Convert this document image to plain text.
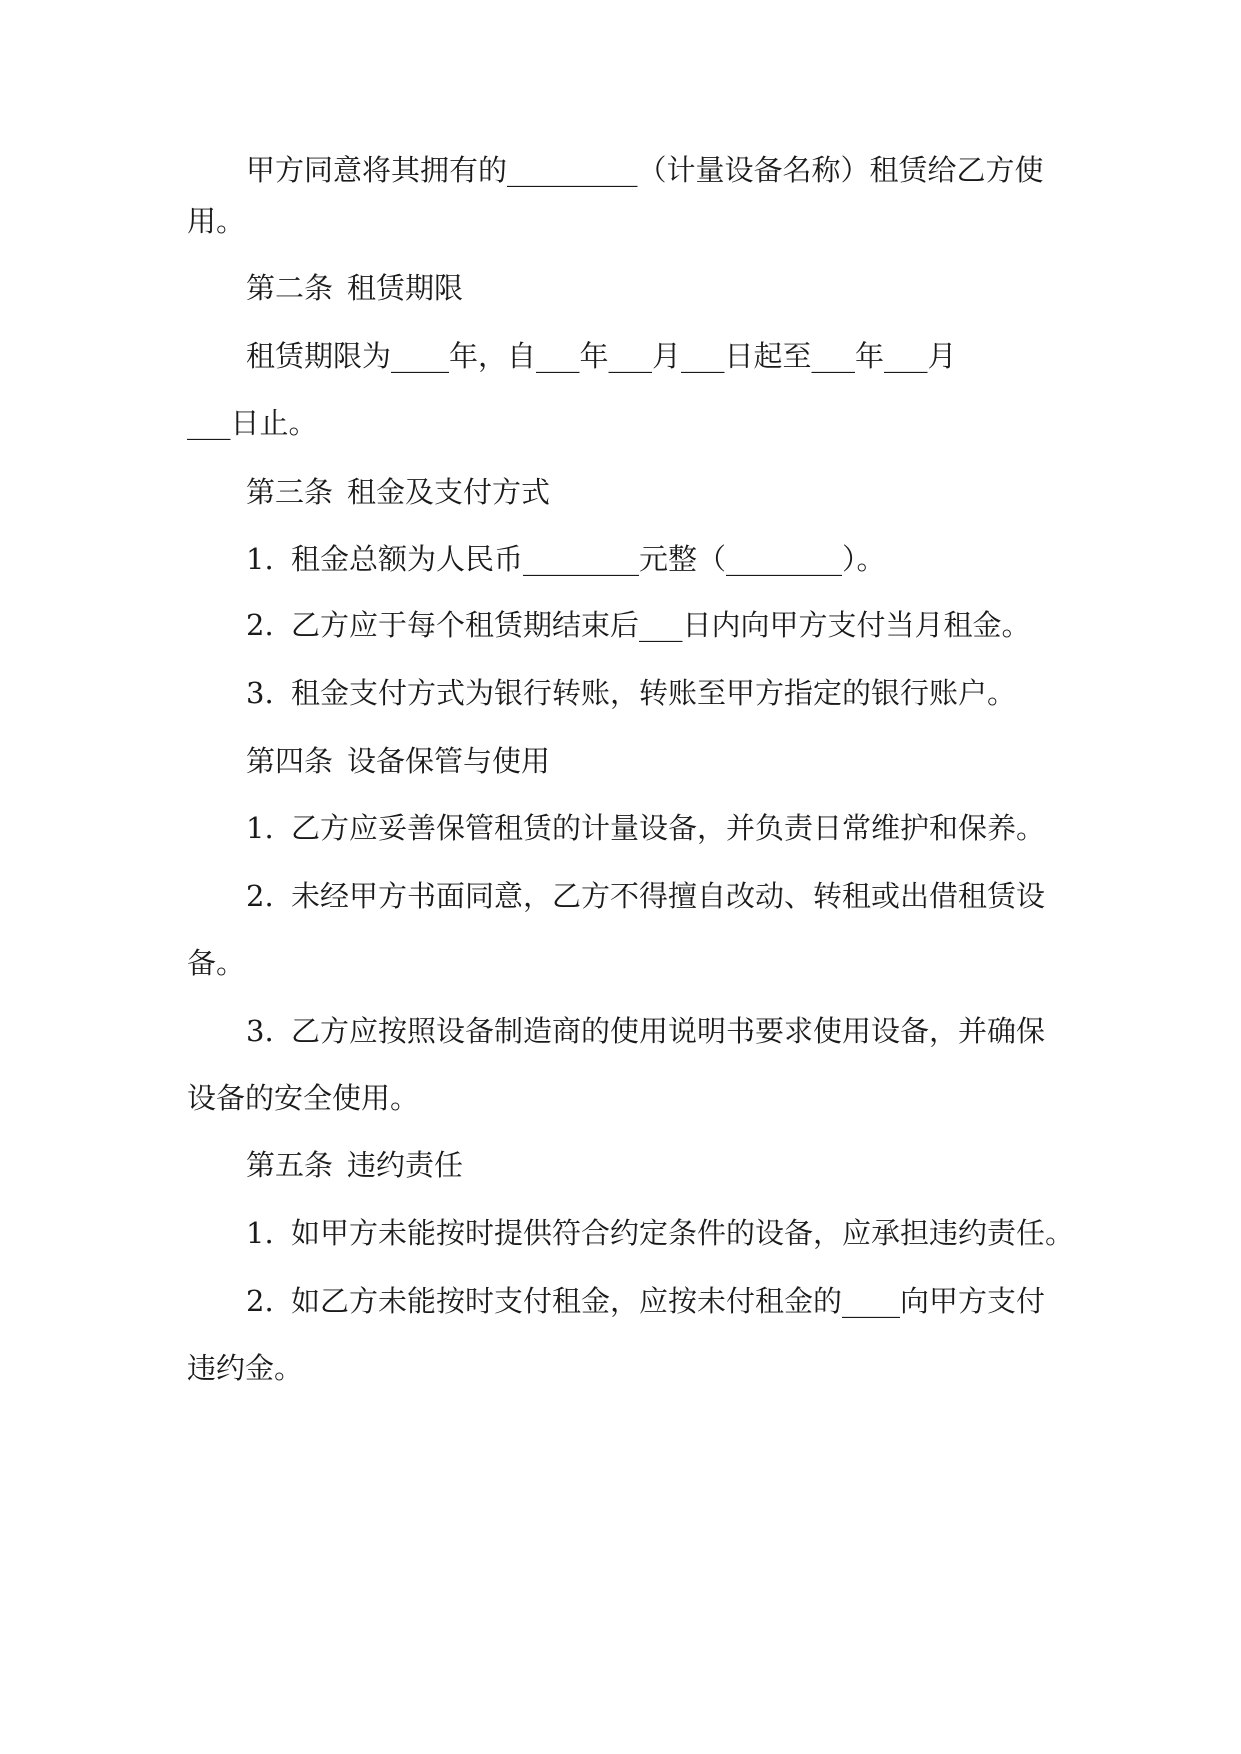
甲方同意将其拥有的_________（计量设备名称）租赁给乙方使
用。
第二条 租赁期限
租赁期限为____年，自___年___月___日起至___年___月
___日止。
第三条 租金及支付方式
1. 租金总额为人民币________元整（________）。
2. 乙方应于每个租赁期结束后___日内向甲方支付当月租金。
3. 租金支付方式为银行转账，转账至甲方指定的银行账户。
第四条 设备保管与使用
1. 乙方应妥善保管租赁的计量设备，并负责日常维护和保养。
2. 未经甲方书面同意，乙方不得擅自改动、转租或出借租赁设
备。
3. 乙方应按照设备制造商的使用说明书要求使用设备，并确保
设备的安全使用。
第五条 违约责任
1. 如甲方未能按时提供符合约定条件的设备，应承担违约责任。
2. 如乙方未能按时支付租金，应按未付租金的____向甲方支付
违约金。
